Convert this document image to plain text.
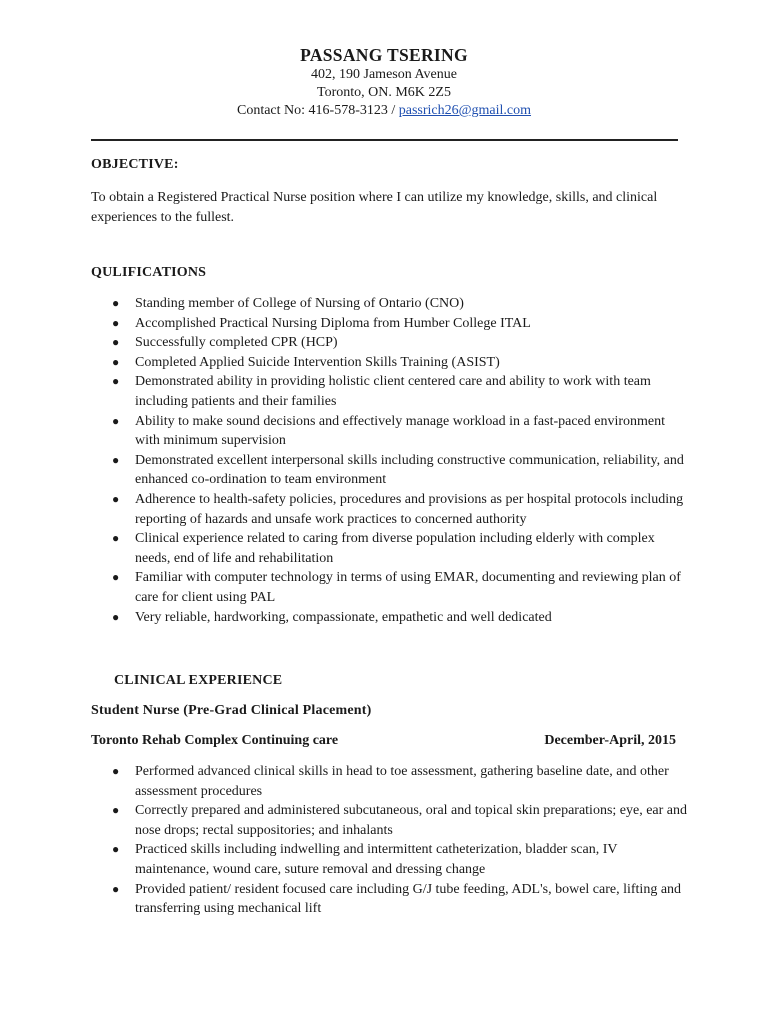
PASSANG TSERING
402, 190 Jameson Avenue
Toronto, ON. M6K 2Z5
Contact No: 416-578-3123 / passrich26@gmail.com
OBJECTIVE:
To obtain a Registered Practical Nurse position where I can utilize my knowledge, skills, and clinical experiences to the fullest.
QULIFICATIONS
● Standing member of College of Nursing of Ontario (CNO)
● Accomplished Practical Nursing Diploma from Humber College ITAL
● Successfully completed CPR (HCP)
● Completed Applied Suicide Intervention Skills Training (ASIST)
● Demonstrated ability in providing holistic client centered care and ability to work with team including patients and their families
● Ability to make sound decisions and effectively manage workload in a fast-paced environment with minimum supervision
● Demonstrated excellent interpersonal skills including constructive communication, reliability, and enhanced co-ordination to team environment
● Adherence to health-safety policies, procedures and provisions as per hospital protocols including reporting of hazards and unsafe work practices to concerned authority
● Clinical experience related to caring from diverse population including elderly with complex needs, end of life and rehabilitation
● Familiar with computer technology in terms of using EMAR, documenting and reviewing plan of care for client using PAL
● Very reliable, hardworking, compassionate, empathetic and well dedicated
CLINICAL EXPERIENCE
Student Nurse (Pre-Grad Clinical Placement)
Toronto Rehab Complex Continuing care	December-April, 2015
● Performed advanced clinical skills in head to toe assessment, gathering baseline date, and other assessment procedures
● Correctly prepared and administered subcutaneous, oral and topical skin preparations; eye, ear and nose drops; rectal suppositories; and inhalants
● Practiced skills including indwelling and intermittent catheterization, bladder scan, IV maintenance, wound care, suture removal and dressing change
● Provided patient/ resident focused care including G/J tube feeding, ADL's, bowel care, lifting and transferring using mechanical lift
